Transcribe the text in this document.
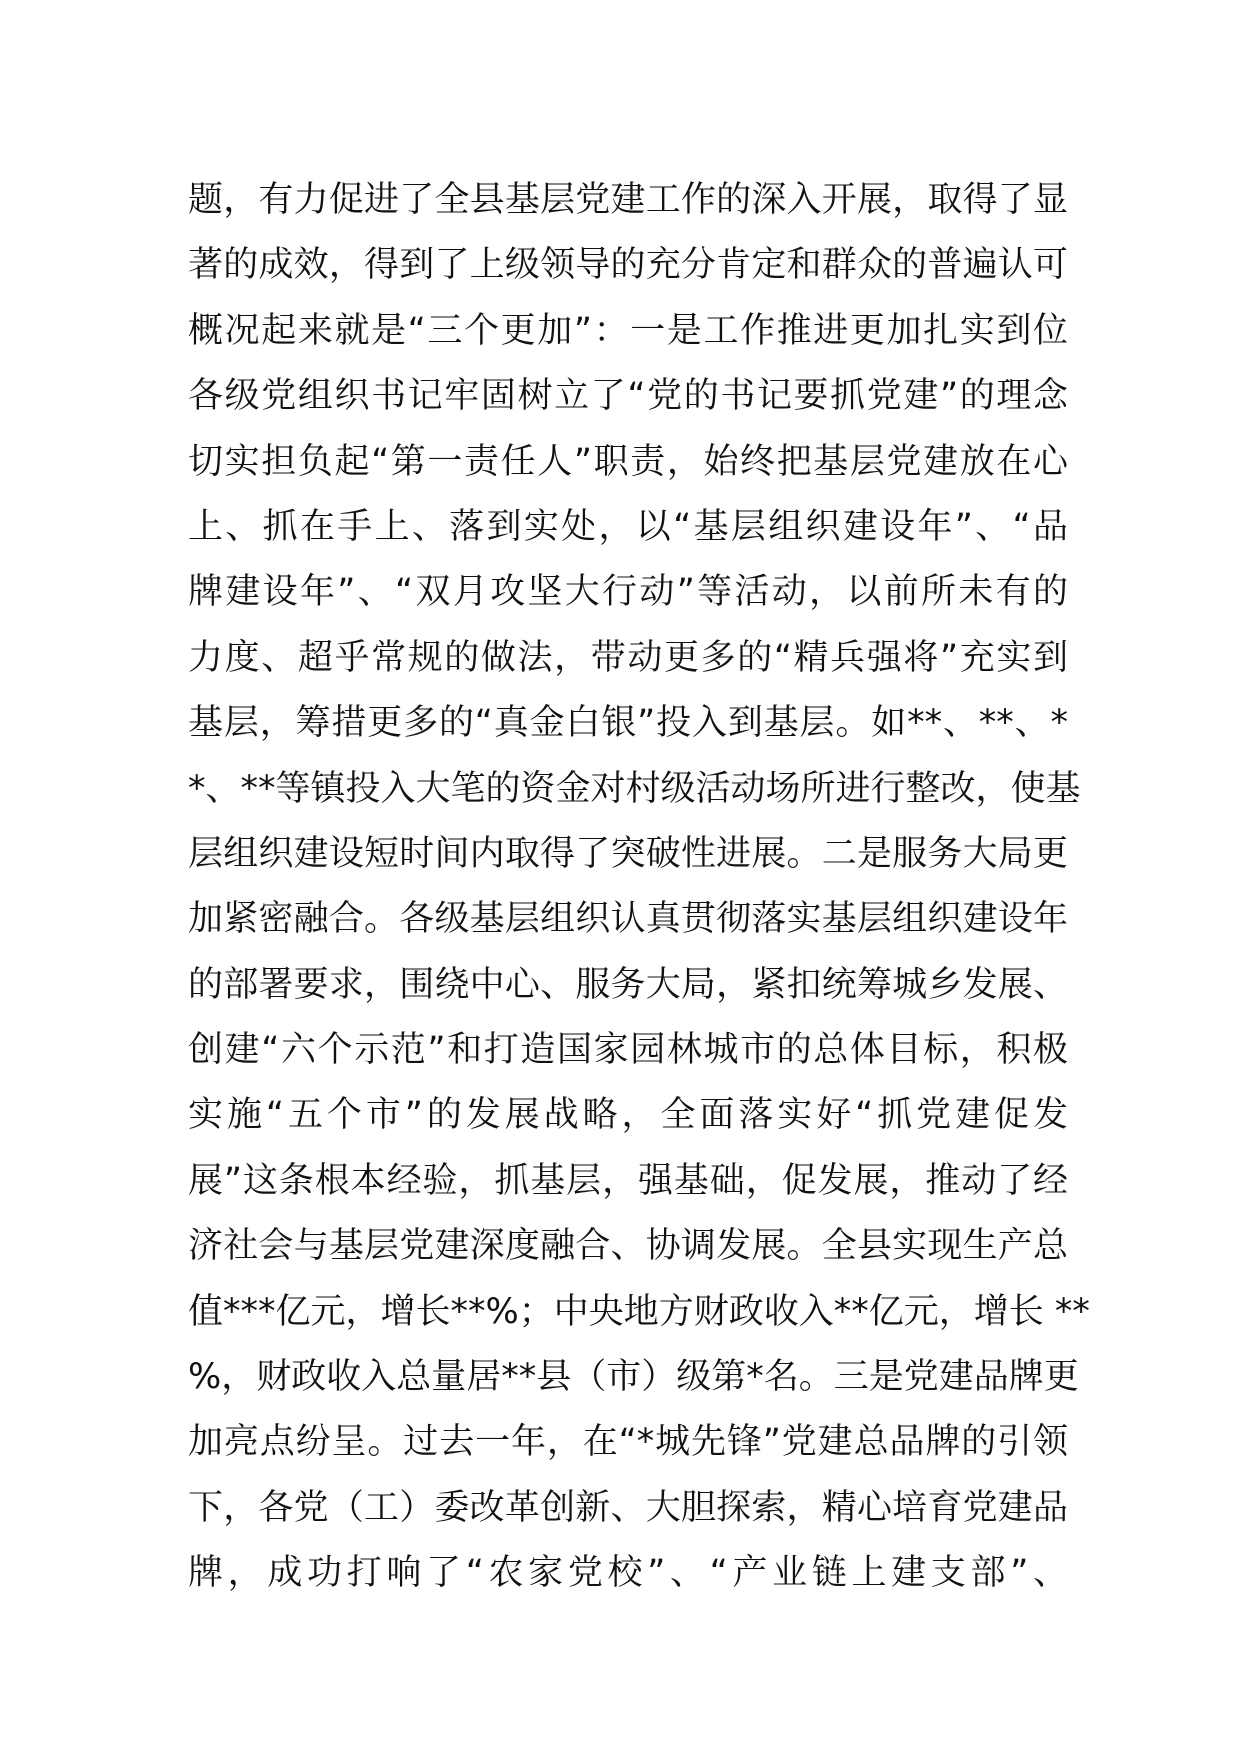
题，有力促进了全县基层党建工作的深入开展，取得了显
著的成效，得到了上级领导的充分肯定和群众的普遍认可
概况起来就是“三个更加”：一是工作推进更加扎实到位
各级党组织书记牢固树立了“党的书记要抓党建”的理念
切实担负起“第一责任人”职责，始终把基层党建放在心
上、抓在手上、落到实处，以“基层组织建设年”、“品
牌建设年”、“双月攻坚大行动”等活动，以前所未有的
力度、超乎常规的做法，带动更多的“精兵强将”充实到
基层，筹措更多的“真金白银”投入到基层。如**、**、*
*、**等镇投入大笔的资金对村级活动场所进行整改，使基
层组织建设短时间内取得了突破性进展。二是服务大局更
加紧密融合。各级基层组织认真贯彻落实基层组织建设年
的部署要求，围绕中心、服务大局，紧扣统筹城乡发展、
创建“六个示范”和打造国家园林城市的总体目标，积极
实施“五个市”的发展战略，全面落实好“抓党建促发
展”这条根本经验，抓基层，强基础，促发展，推动了经
济社会与基层党建深度融合、协调发展。全县实现生产总
值***亿元，增长**%；中央地方财政收入**亿元，增长 **
%，财政收入总量居**县（市）级第*名。三是党建品牌更
加亮点纷呈。过去一年，在“*城先锋”党建总品牌的引领
下，各党（工）委改革创新、大胆探索，精心培育党建品
牌，成功打响了“农家党校”、“产业链上建支部”、
